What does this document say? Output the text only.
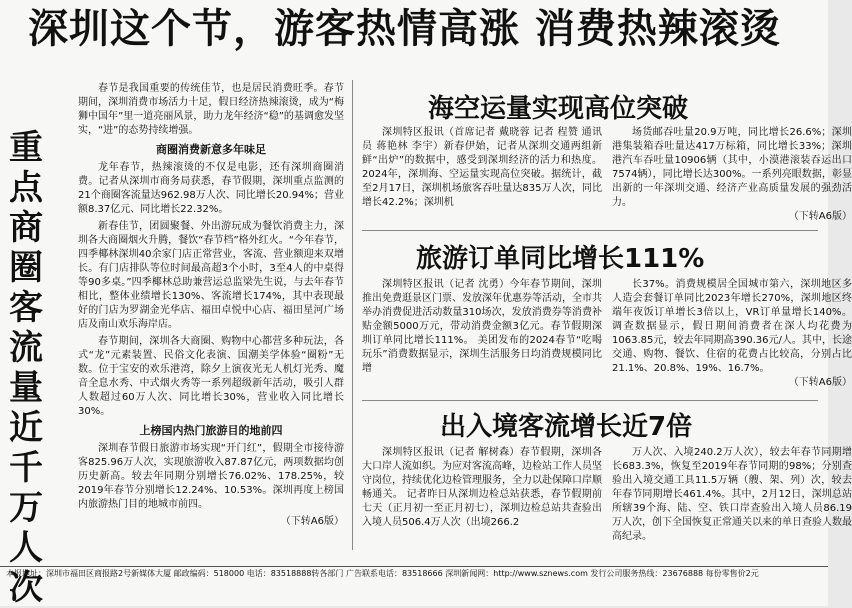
深圳这个节，游客热情高涨 消费热辣滚烫
重点商圈客流量近千万人次

春节是我国重要的传统佳节，也是居民消费旺季。春节期间，深圳消费市场活力十足，假日经济热辣滚烫，成为“梅狮中国年”里一道亮丽风景，助力龙年经济“稳”的基调愈发坚实，“进”的态势持续增强。

商圈消费新意多年味足

龙年春节，热辣滚烫的不仅是电影，还有深圳商圈消费。记者从深圳市商务局获悉，春节假期，深圳重点监测的21个商圈客流量达962.98万人次、同比增长20.94%；营业额8.37亿元、同比增长22.32%。

新春佳节，团圆聚餐、外出游玩成为餐饮消费主力，深圳各大商圈烟火升腾，餐饮“春节档”格外红火。“今年春节，四季椰林深圳40余家门店正常营业，客流、营业额迎来双增长。有门店排队等位时间最高超3个小时，3至4人的中桌得等90多桌。”四季椰林总助兼营运总监梁先生说，与去年春节相比，整体业绩增长130%、客流增长174%，其中表现最好的门店为罗湖金光华店、福田卓悦中心店、福田星河广场店及南山欢乐海岸店。

春节期间，深圳各大商圈、购物中心都营多种玩法，各式“龙”元素装置、民俗文化表演、国潮美学体验“圈粉”无数。位于宝安的欢乐港湾，除夕上演夜光无人机灯光秀、魔音全息水秀、中式烟火秀等一系列超级新年活动，吸引人群人数超过60万人次、同比增长30%，营业收入同比增长30%。

上榜国内热门旅游目的地前四

深圳春节假日旅游市场实现“开门红”，假期全市接待游客825.96万人次，实现旅游收入87.87亿元，两项数据均创历史新高。较去年同期分别增长76.02%、178.25%，较2019年春节分别增长12.24%、10.53%。深圳再度上榜国内旅游热门目的地城市前四。

（下转A6版）
海空运量实现高位突破

深圳特区报讯（首席记者 戴晓蓉 记者 程赞 通讯员 蒋艳林 李宇）新春伊始，记者从深圳交通两组新鲜“出炉”的数据中，感受到深圳经济的活力和热度。 2024年，深圳海、空运量实现高位突破。据统计，截至2月17日，深圳机场旅客吞吐量达835万人次，同比增长42.2%；深圳机

场货邮吞吐量20.9万吨，同比增长26.6%；深圳港集装箱吞吐量达417万标箱，同比增长33%；深圳港汽车吞吐量10906辆（其中，小漠港滚装吞运出口7574辆），同比增长达300%。一系列亮眼数据，彰显出新的一年深圳交通、经济产业高质量发展的强劲活力。

（下转A6版）
旅游订单同比增长111%

深圳特区报讯（记者 沈勇）今年春节期间，深圳推出免费逛景区门票、发放深年优惠券等活动，全市共举办消费促进活动数量310场次，发放消费券等消费补贴金额5000万元，带动消费金额3亿元。春节假期深圳订单同比增长111%。 美团发布的2024春节“吃喝玩乐”消费数据显示，深圳生活服务日均消费规模同比增

长37%。消费规模居全国城市第六，深圳地区多人造会套餐订单同比2023年增长270%，深圳地区终端年夜饭订单增长3倍以上，VR订单量增长140%。 调查数据显示，假日期间消费者在深人均花费为1063.85元，较去年同期高390.36元/人。其中，长途交通、购物、餐饮、住宿的花费占比较高，分别占比21.1%、20.8%、19%、16.7%。

（下转A6版）
出入境客流增长近7倍

深圳特区报讯（记者 解树森）春节假期，深圳各大口岸人流如织。为应对客流高峰，边检站工作人员坚守岗位，持续优化边检管理服务，全力以赴保障口岸顺畅通关。 记者昨日从深圳边检总站获悉，春节假期前七天（正月初一至正月初七），深圳边检总站共查验出入境人员506.4万人次（出境266.2

万人次、入境240.2万人次），较去年春节同期增长683.3%，恢复至2019年春节同期的98%；分别查验出入境交通工具11.5万辆（艘、架、列）次，较去年春节同期增长461.4%。其中，2月12日，深圳总站所辖39个海、陆、空、铁口岸查验出入境人员86.19万人次，创下全国恢复正常通关以来的单日查验人数最高纪录。

本报地址：深圳市福田区商报路2号新媒体大厦 邮政编码：518000 电话：83518888转各部门 广告联系电话：83518666 深圳新闻网：http://www.sznews.com 发行公司服务热线：23676888 每份零售价2元
